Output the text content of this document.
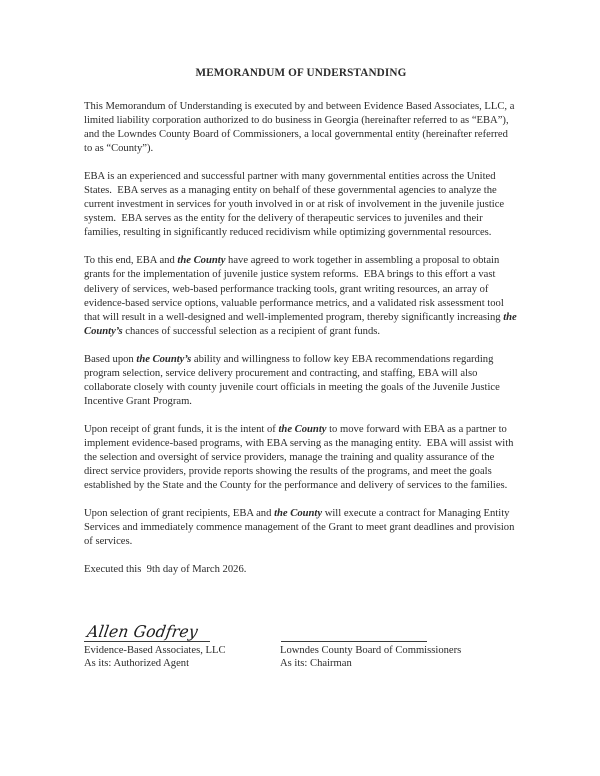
MEMORANDUM OF UNDERSTANDING

This Memorandum of Understanding is executed by and between Evidence Based Associates, LLC, a limited liability corporation authorized to do business in Georgia (hereinafter referred to as “EBA”), and the Lowndes County Board of Commissioners, a local governmental entity (hereinafter referred to as “County”).

EBA is an experienced and successful partner with many governmental entities across the United States.  EBA serves as a managing entity on behalf of these governmental agencies to analyze the current investment in services for youth involved in or at risk of involvement in the juvenile justice system.  EBA serves as the entity for the delivery of therapeutic services to juveniles and their families, resulting in significantly reduced recidivism while optimizing governmental resources.

To this end, EBA and the County have agreed to work together in assembling a proposal to obtain grants for the implementation of juvenile justice system reforms.  EBA brings to this effort a vast delivery of services, web-based performance tracking tools, grant writing resources, an array of evidence-based service options, valuable performance metrics, and a validated risk assessment tool that will result in a well-designed and well-implemented program, thereby significantly increasing the County’s chances of successful selection as a recipient of grant funds.

Based upon the County’s ability and willingness to follow key EBA recommendations regarding program selection, service delivery procurement and contracting, and staffing, EBA will also collaborate closely with county juvenile court officials in meeting the goals of the Juvenile Justice Incentive Grant Program.

Upon receipt of grant funds, it is the intent of the County to move forward with EBA as a partner to implement evidence-based programs, with EBA serving as the managing entity.  EBA will assist with the selection and oversight of service providers, manage the training and quality assurance of the direct service providers, provide reports showing the results of the programs, and meet the goals established by the State and the County for the performance and delivery of services to the families.

Upon selection of grant recipients, EBA and the County will execute a contract for Managing Entity Services and immediately commence management of the Grant to meet grant deadlines and provision of services.

Executed this  9th day of March 2026.

Allen Godfrey
Evidence-Based Associates, LLC
As its: Authorized Agent
Lowndes County Board of Commissioners
As its: Chairman
